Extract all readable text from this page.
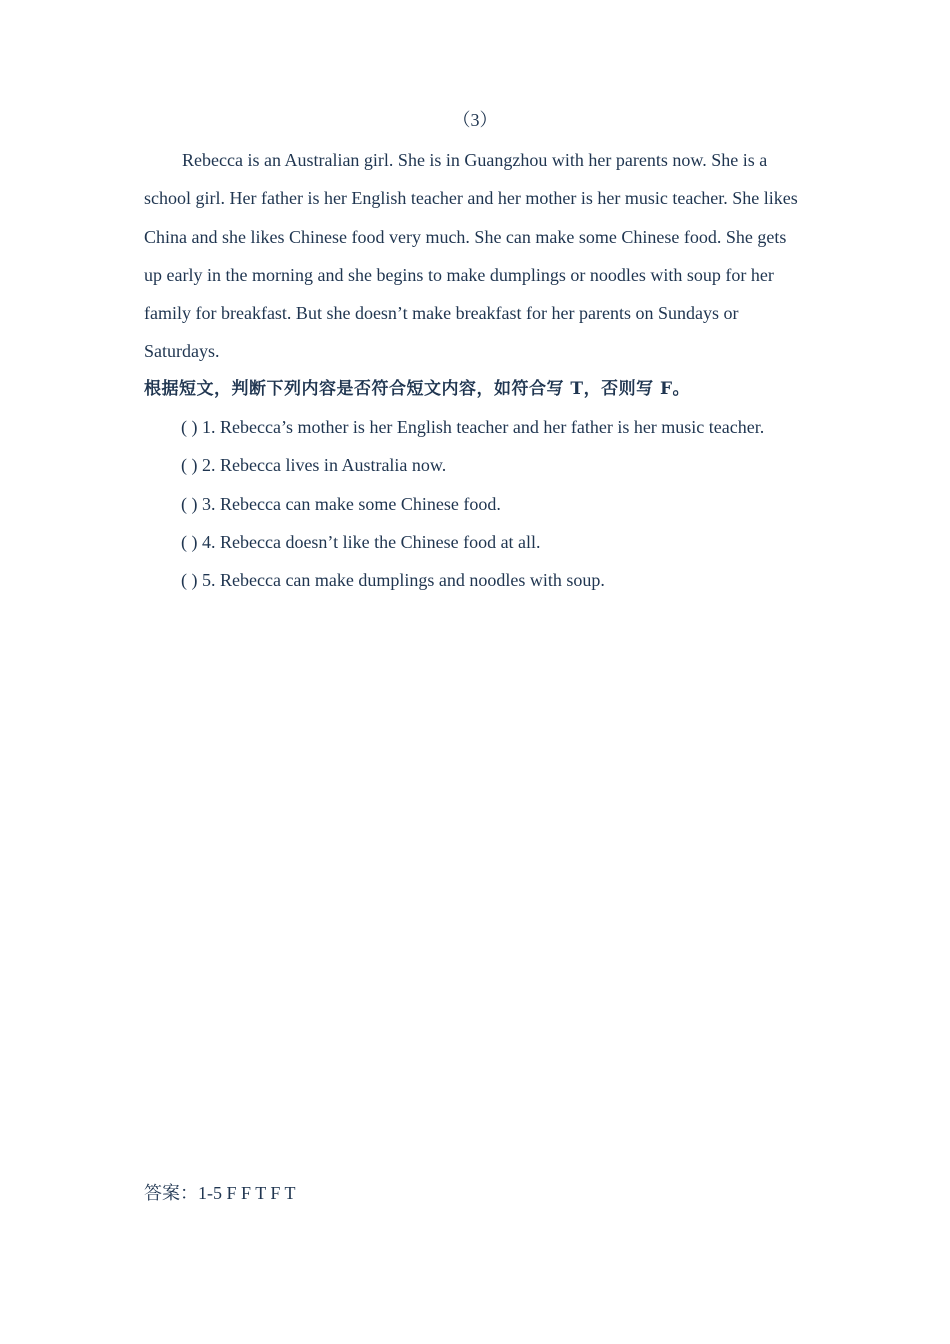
（3）

Rebecca is an Australian girl. She is in Guangzhou with her parents now. She is a school girl. Her father is her English teacher and her mother is her music teacher. She likes China and she likes Chinese food very much. She can make some Chinese food. She gets up early in the morning and she begins to make dumplings or noodles with soup for her family for breakfast. But she doesn’t make breakfast for her parents on Sundays or Saturdays.

根据短文，判断下列内容是否符合短文内容，如符合写 T，否则写 F。
( ) 1. Rebecca’s mother is her English teacher and her father is her music teacher.
( ) 2. Rebecca lives in Australia now.
( ) 3. Rebecca can make some Chinese food.
( ) 4. Rebecca doesn’t like the Chinese food at all.
( ) 5. Rebecca can make dumplings and noodles with soup.
答案：1-5 F F T F T
